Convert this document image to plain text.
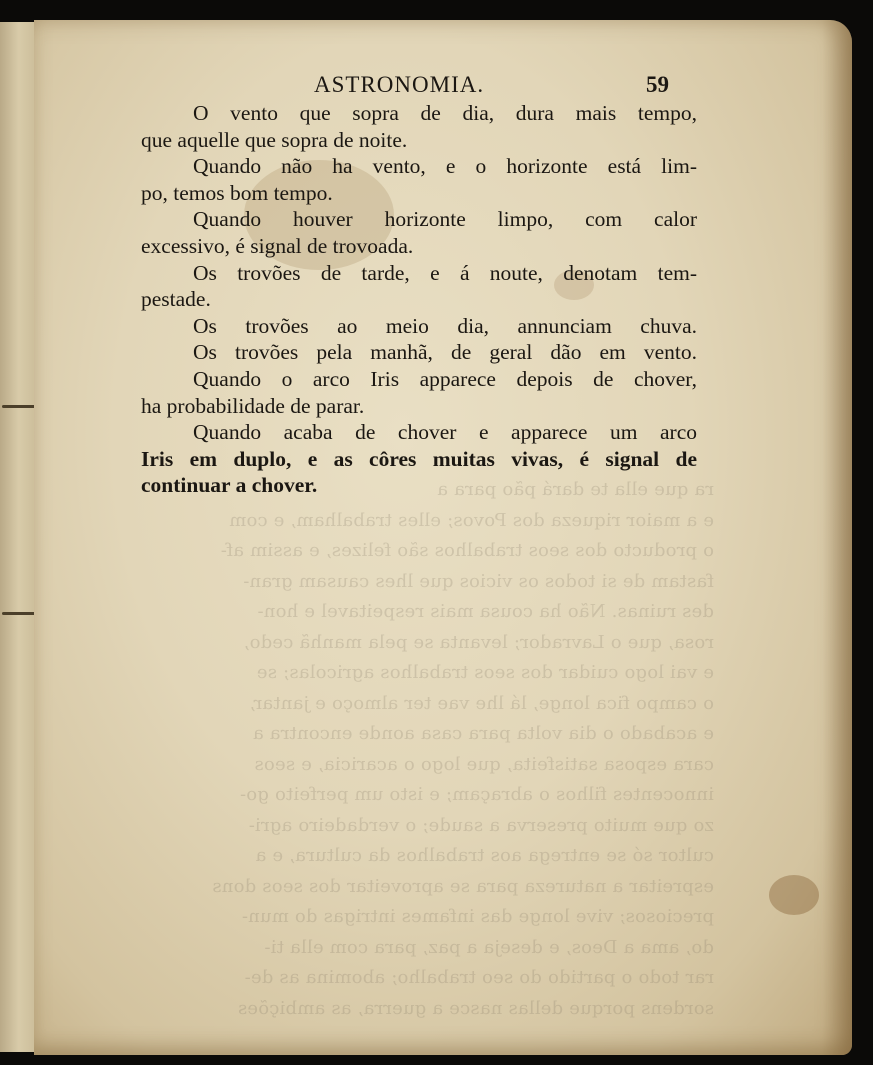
ra que ella te dará pão para a
e a maior riqueza dos Povos; elles trabalham, e com
o producto dos seos trabalhos são felizes, e assim af-
fastam de si todos os vicios que lhes causam gran-
des ruinas. Não ha cousa mais respeitavel e hon-
rosa, que o Lavrador; levanta se pela manhã cedo,
e vai logo cuidar dos seos trabalhos agricolas; se
o campo fica longe, lá lhe vae ter almoço e jantar,
e acabado o dia volta para casa aonde encontra a
cara esposa satisfeita, que logo o acaricia, e seos
innocentes filhos o abraçam; e isto um perfeito go-
zo que muito preserva a saude; o verdadeiro agri-
cultor só se entrega aos trabalhos da cultura, e a
espreitar a natureza para se aproveitar dos seos dons
preciosos; vive longe das infames intrigas do mun-
do, ama a Deos, e deseja a paz, para com ella ti-
rar todo o partido do seo trabalho; abomina as de-
sordens porque dellas nasce a guerra, as ambições
ASTRONOMIA.	59
O vento que sopra de dia, dura mais tempo,
que aquelle que sopra de noite.
Quando não ha vento, e o horizonte está lim-
po, temos bom tempo.
Quando houver horizonte limpo, com calor
excessivo, é signal de trovoada.
Os trovões de tarde, e á noute, denotam tem-
pestade.
Os trovões ao meio dia, annunciam chuva.
Os trovões pela manhã, de geral dão em vento.
Quando o arco Iris apparece depois de chover,
ha probabilidade de parar.
Quando acaba de chover e apparece um arco
Iris em duplo, e as côres muitas vivas, é signal de
continuar a chover.
